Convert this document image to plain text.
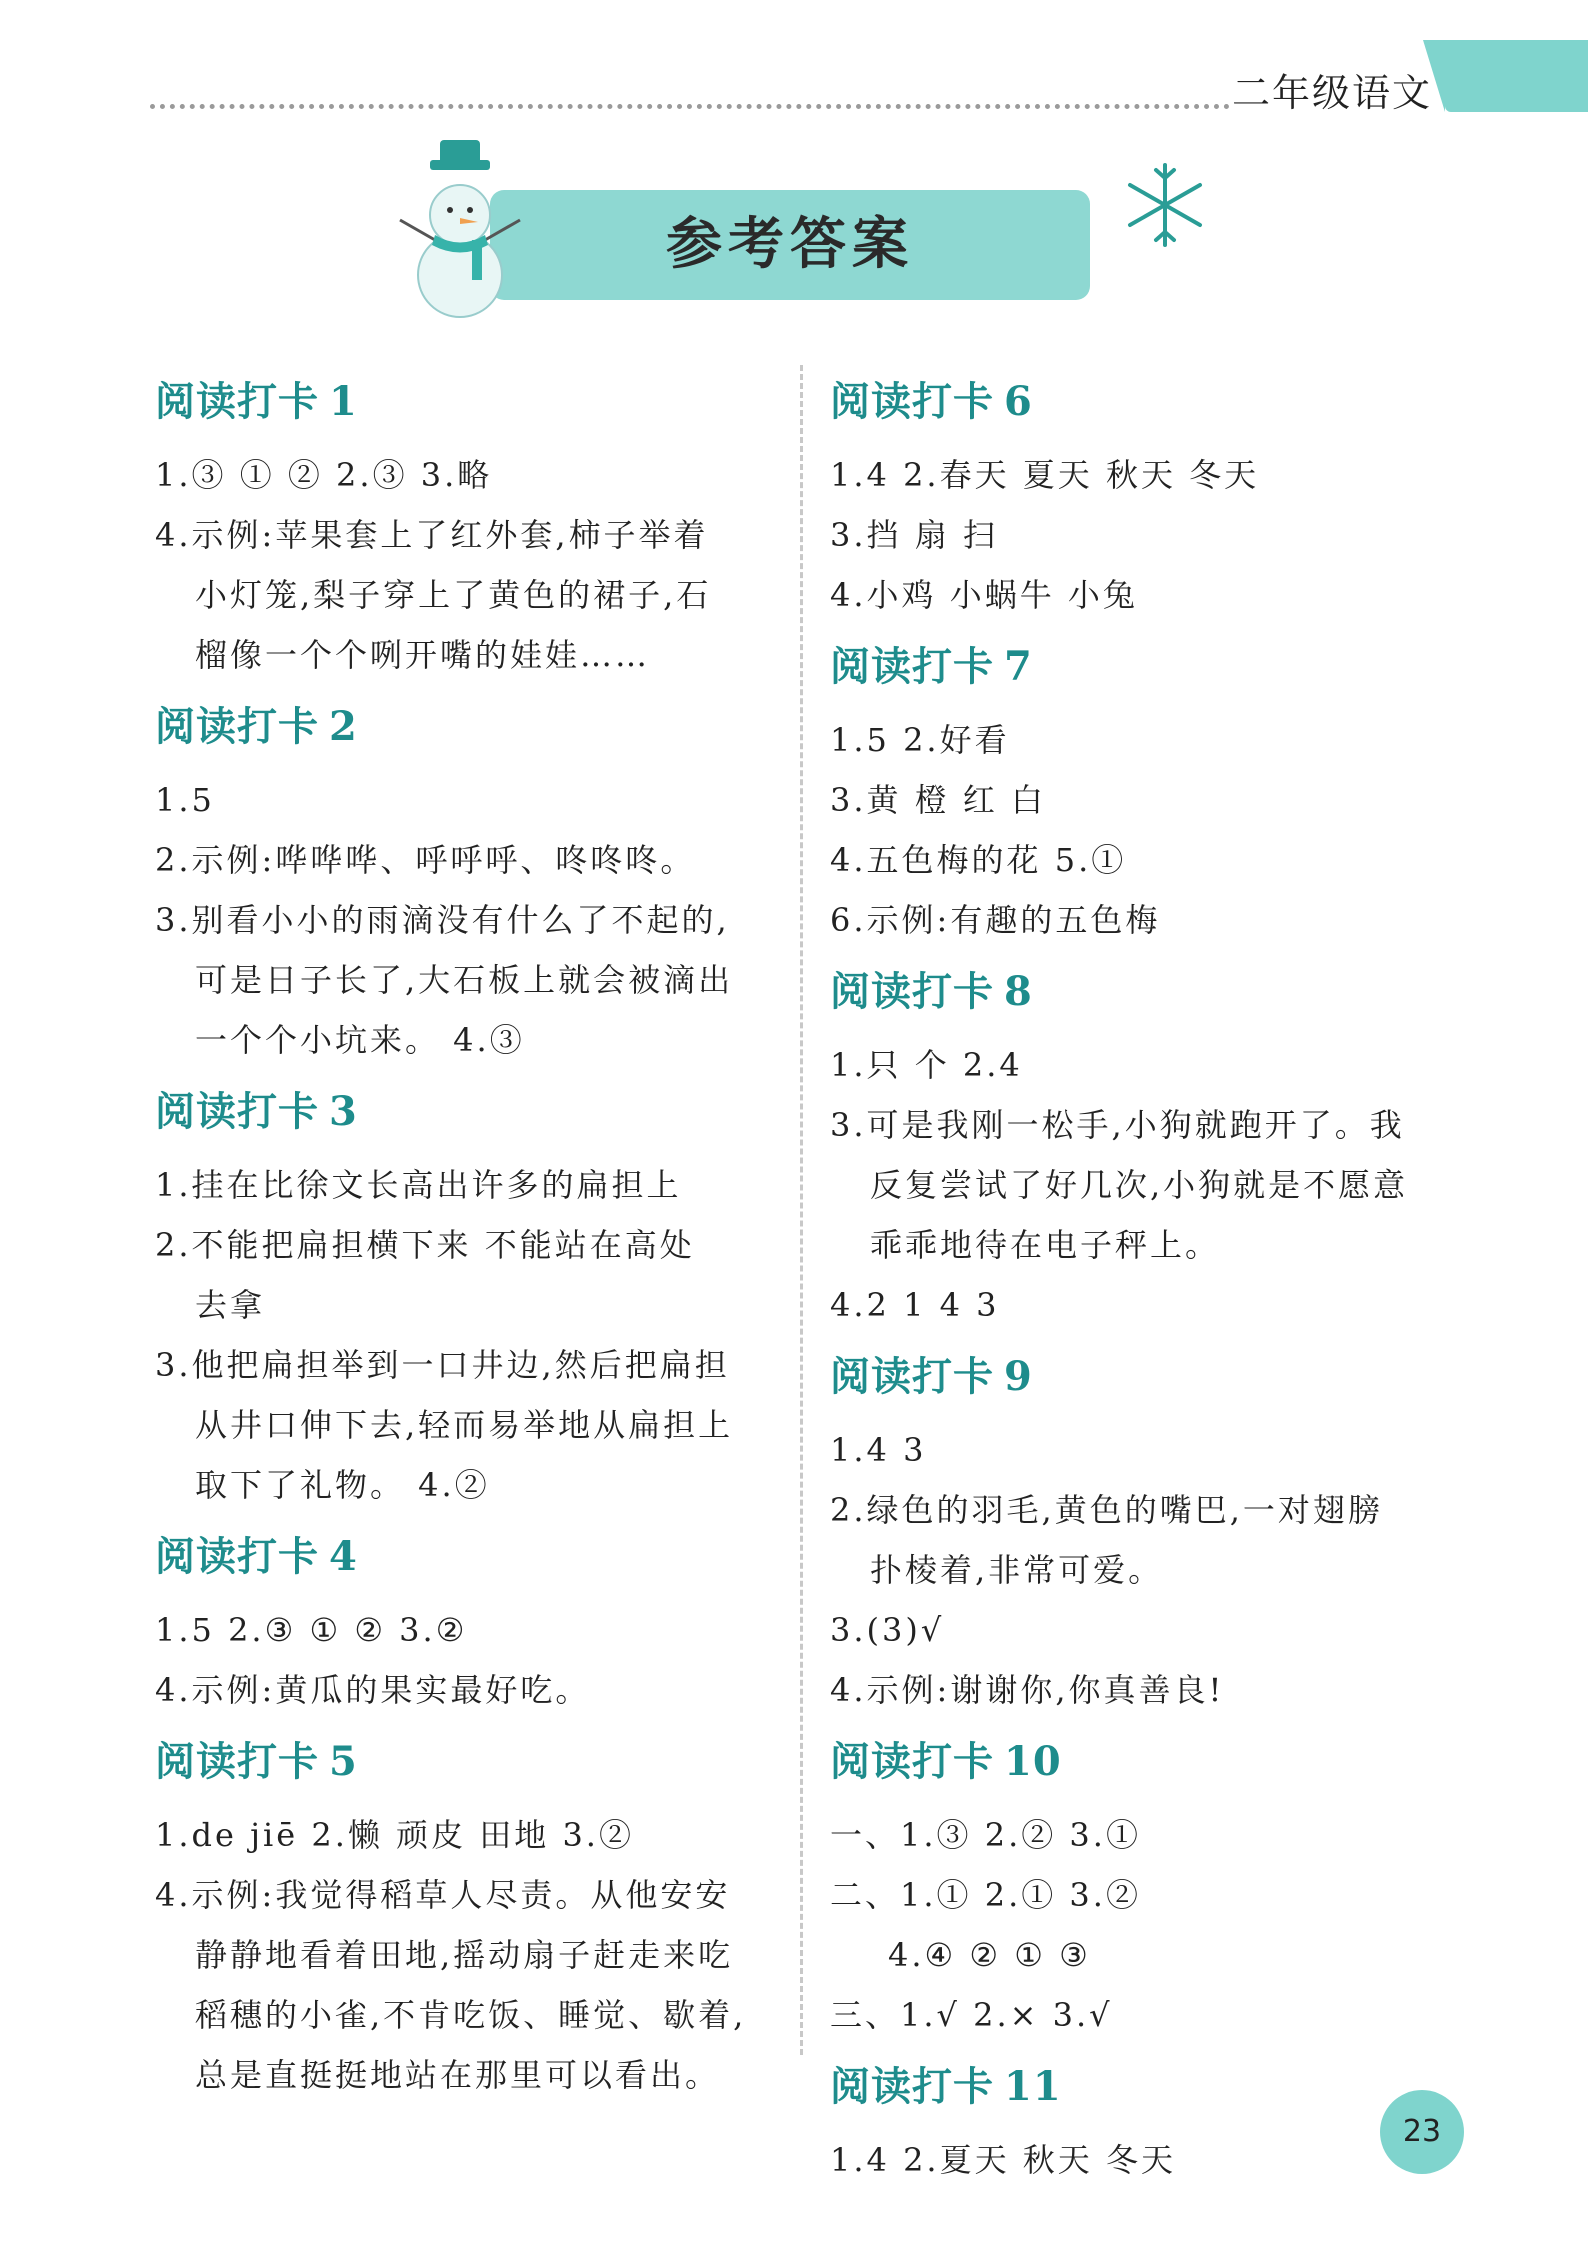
二年级语文
参考答案
阅读打卡 1
1.③ ① ② 2.③ 3.略
4.示例:苹果套上了红外套,柿子举着
小灯笼,梨子穿上了黄色的裙子,石
榴像一个个咧开嘴的娃娃……
阅读打卡 2
1.5
2.示例:哗哗哗、呼呼呼、咚咚咚。
3.别看小小的雨滴没有什么了不起的,
可是日子长了,大石板上就会被滴出
一个个小坑来。 4.③
阅读打卡 3
1.挂在比徐文长高出许多的扁担上
2.不能把扁担横下来 不能站在高处
去拿
3.他把扁担举到一口井边,然后把扁担
从井口伸下去,轻而易举地从扁担上
取下了礼物。 4.②
阅读打卡 4
1.5 2.③ ① ② 3.②
4.示例:黄瓜的果实最好吃。
阅读打卡 5
1.de jiē 2.懒 顽皮 田地 3.②
4.示例:我觉得稻草人尽责。从他安安
静静地看着田地,摇动扇子赶走来吃
稻穗的小雀,不肯吃饭、睡觉、歇着,
总是直挺挺地站在那里可以看出。
阅读打卡 6
1.4 2.春天 夏天 秋天 冬天
3.挡 扇 扫
4.小鸡 小蜗牛 小兔
阅读打卡 7
1.5 2.好看
3.黄 橙 红 白
4.五色梅的花 5.①
6.示例:有趣的五色梅
阅读打卡 8
1.只 个 2.4
3.可是我刚一松手,小狗就跑开了。我
反复尝试了好几次,小狗就是不愿意
乖乖地待在电子秤上。
4.2 1 4 3
阅读打卡 9
1.4 3
2.绿色的羽毛,黄色的嘴巴,一对翅膀
扑棱着,非常可爱。
3.(3)√
4.示例:谢谢你,你真善良!
阅读打卡 10
一、1.③ 2.② 3.①
二、1.① 2.① 3.②
4.④ ② ① ③
三、1.√ 2.× 3.√
阅读打卡 11
1.4 2.夏天 秋天 冬天
23
